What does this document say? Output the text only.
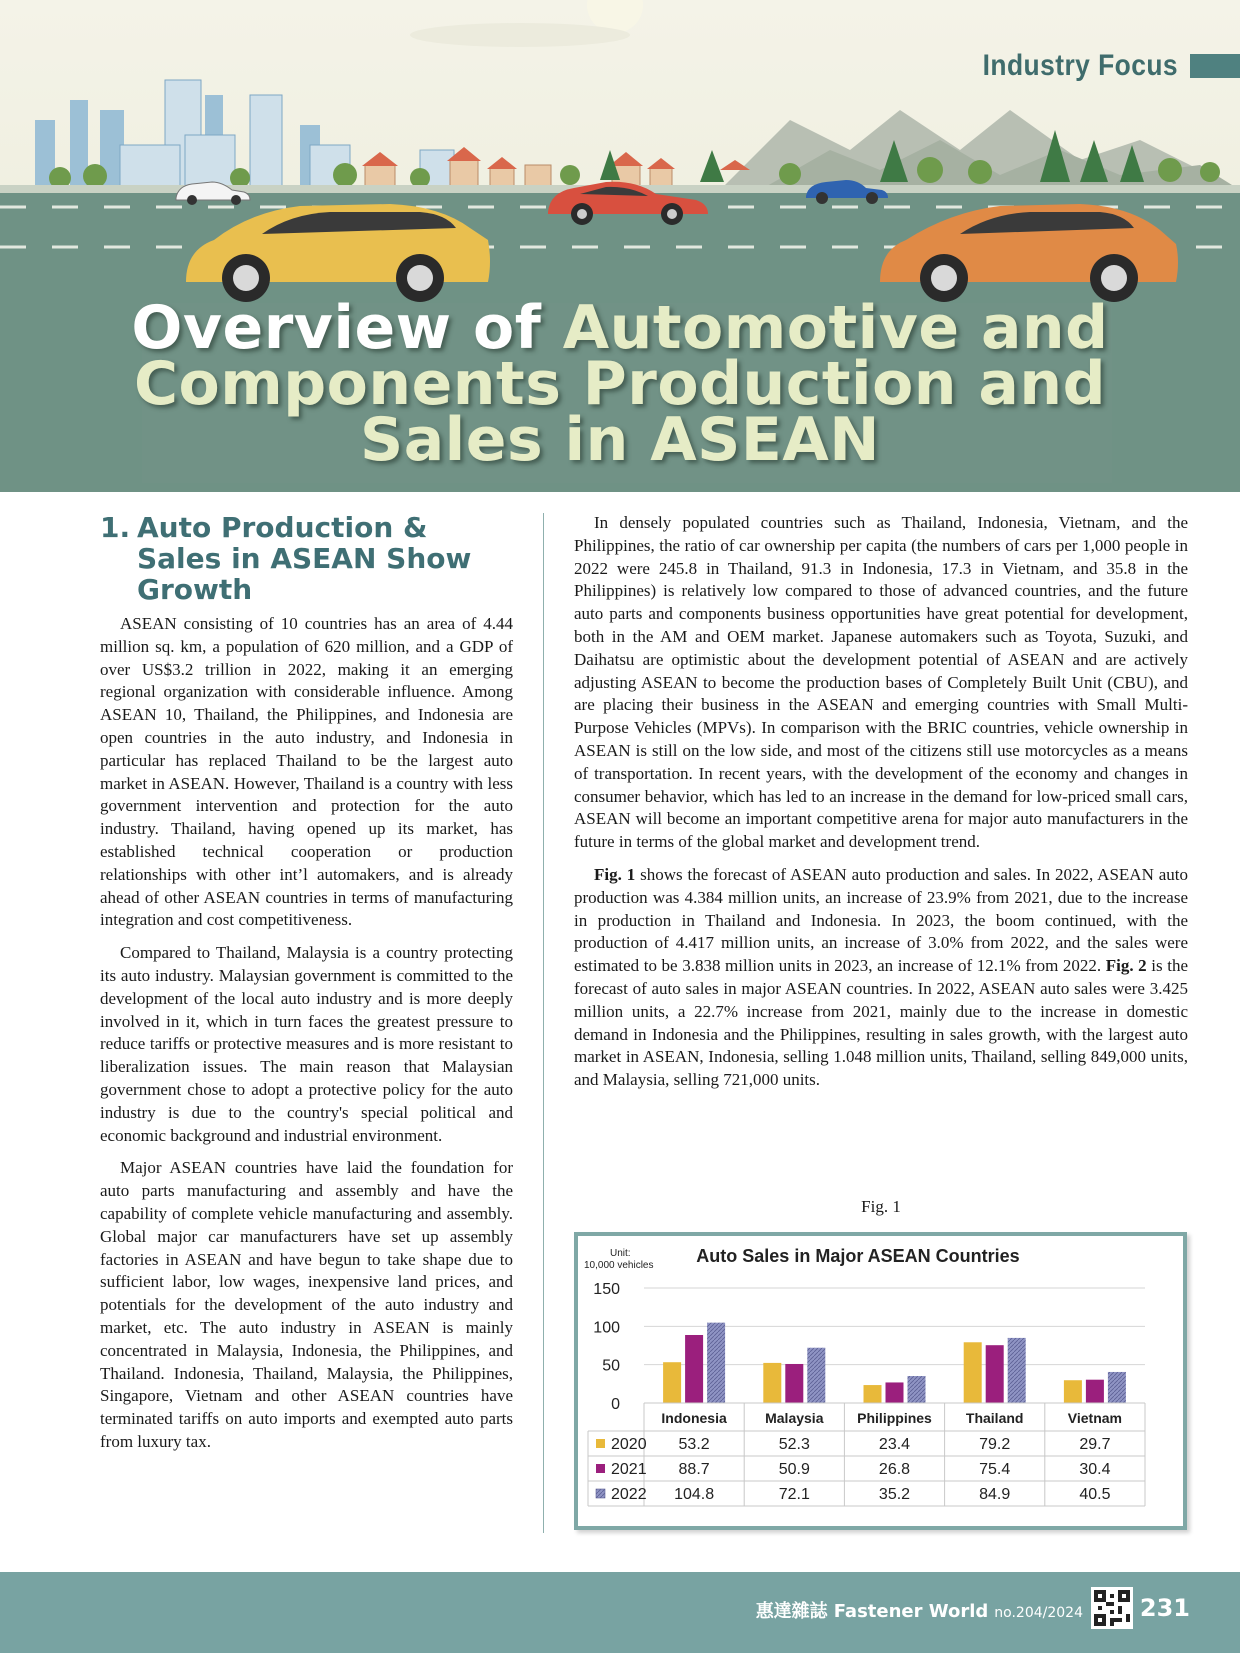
Industry Focus
Overview of Automotive and Components Production and Sales in ASEAN
1. Auto Production & Sales in ASEAN Show Growth

ASEAN consisting of 10 countries has an area of 4.44 million sq. km, a population of 620 million, and a GDP of over US$3.2 trillion in 2022, making it an emerging regional organization with considerable influence. Among ASEAN 10, Thailand, the Philippines, and Indonesia are open countries in the auto industry, and Indonesia in particular has replaced Thailand to be the largest auto market in ASEAN. However, Thailand is a country with less government intervention and protection for the auto industry. Thailand, having opened up its market, has established technical cooperation or production relationships with other int’l automakers, and is already ahead of other ASEAN countries in terms of manufacturing integration and cost competitiveness.

Compared to Thailand, Malaysia is a country protecting its auto industry. Malaysian government is committed to the development of the local auto industry and is more deeply involved in it, which in turn faces the greatest pressure to reduce tariffs or protective measures and is more resistant to liberalization issues. The main reason that Malaysian government chose to adopt a protective policy for the auto industry is due to the country's special political and economic background and industrial environment.

Major ASEAN countries have laid the foundation for auto parts manufacturing and assembly and have the capability of complete vehicle manufacturing and assembly. Global major car manufacturers have set up assembly factories in ASEAN and have begun to take shape due to sufficient labor, low wages, inexpensive land prices, and potentials for the development of the auto industry and market, etc. The auto industry in ASEAN is mainly concentrated in Malaysia, Indonesia, the Philippines, and Thailand. Indonesia, Thailand, Malaysia, the Philippines, Singapore, Vietnam and other ASEAN countries have terminated tariffs on auto imports and exempted auto parts from luxury tax.

In densely populated countries such as Thailand, Indonesia, Vietnam, and the Philippines, the ratio of car ownership per capita (the numbers of cars per 1,000 people in 2022 were 245.8 in Thailand, 91.3 in Indonesia, 17.3 in Vietnam, and 35.8 in the Philippines) is relatively low compared to those of advanced countries, and the future auto parts and components business opportunities have great potential for development, both in the AM and OEM market. Japanese automakers such as Toyota, Suzuki, and Daihatsu are optimistic about the development potential of ASEAN and are actively adjusting ASEAN to become the production bases of Completely Built Unit (CBU), and are placing their business in the ASEAN and emerging countries with Small Multi-Purpose Vehicles (MPVs). In comparison with the BRIC countries, vehicle ownership in ASEAN is still on the low side, and most of the citizens still use motorcycles as a means of transportation. In recent years, with the development of the economy and changes in consumer behavior, which has led to an increase in the demand for low-priced small cars, ASEAN will become an important competitive arena for major auto manufacturers in the future in terms of the global market and development trend.

Fig. 1 shows the forecast of ASEAN auto production and sales. In 2022, ASEAN auto production was 4.384 million units, an increase of 23.9% from 2021, due to the increase in production in Thailand and Indonesia. In 2023, the boom continued, with the production of 4.417 million units, an increase of 3.0% from 2022, and the sales were estimated to be 3.838 million units in 2023, an increase of 12.1% from 2022. Fig. 2 is the forecast of auto sales in major ASEAN countries. In 2022, ASEAN auto sales were 3.425 million units, a 22.7% increase from 2021, mainly due to the increase in domestic demand in Indonesia and the Philippines, resulting in sales growth, with the largest auto market in ASEAN, Indonesia, selling 1.048 million units, Thailand, selling 849,000 units, and Malaysia, selling 721,000 units.

Fig. 1
Auto Sales in Major ASEAN Countries
Unit:
10,000 vehicles
0
50
100
150
Indonesia	Malaysia Philippines Thailand	Vietnam
2020 53.2	52.3	23.4	79.2	29.7
2021 88.7	50.9	26.8	75.4	30.4
2022 104.8	72.1	35.2	84.9	40.5
惠達雜誌 Fastener World no.204/2024 231
